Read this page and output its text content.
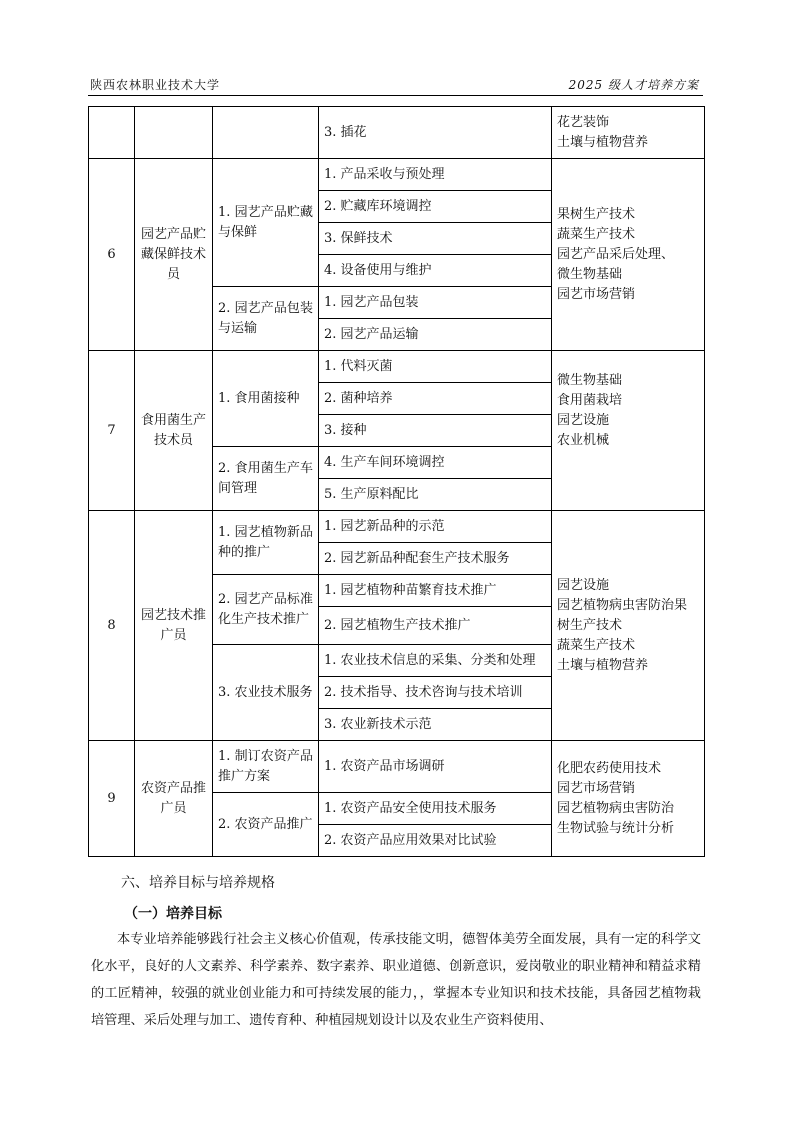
陕西农林职业技术大学	2025 级人才培养方案
			3. 插花	花艺装饰
土壤与植物营养

6	园艺产品贮藏保鲜技术员	1. 园艺产品贮藏与保鲜	1. 产品采收与预处理	果树生产技术
蔬菜生产技术
园艺产品采后处理、
微生物基础
园艺市场营销

			2. 贮藏库环境调控	
			3. 保鲜技术	
			4. 设备使用与维护	
		2. 园艺产品包装与运输	1. 园艺产品包装	
			2. 园艺产品运输	
7	食用菌生产技术员	1. 食用菌接种	1. 代料灭菌	微生物基础
食用菌栽培
园艺设施
农业机械

			2. 菌种培养	
			3. 接种	
		2. 食用菌生产车间管理	4. 生产车间环境调控	
			5. 生产原料配比	
8	园艺技术推广员	1. 园艺植物新品种的推广	1. 园艺新品种的示范	园艺设施
园艺植物病虫害防治果
树生产技术
蔬菜生产技术
土壤与植物营养

			2. 园艺新品种配套生产技术服务	
		2. 园艺产品标准化生产技术推广	1. 园艺植物种苗繁育技术推广	
			2. 园艺植物生产技术推广	
		3. 农业技术服务	1. 农业技术信息的采集、分类和处理	
			2. 技术指导、技术咨询与技术培训	
			3. 农业新技术示范	
9	农资产品推广员	1. 制订农资产品推广方案	1. 农资产品市场调研	化肥农药使用技术
园艺市场营销
园艺植物病虫害防治
生物试验与统计分析

		2. 农资产品推广	1. 农资产品安全使用技术服务	
			2. 农资产品应用效果对比试验	
六、培养目标与培养规格
（一）培养目标

本专业培养能够践行社会主义核心价值观，传承技能文明，德智体美劳全面发展，具有一定的科学文化水平，良好的人文素养、科学素养、数字素养、职业道德、创新意识，爱岗敬业的职业精神和精益求精的工匠精神，较强的就业创业能力和可持续发展的能力，，掌握本专业知识和技术技能，具备园艺植物栽培管理、采后处理与加工、遗传育种、种植园规划设计以及农业生产资料使用、
